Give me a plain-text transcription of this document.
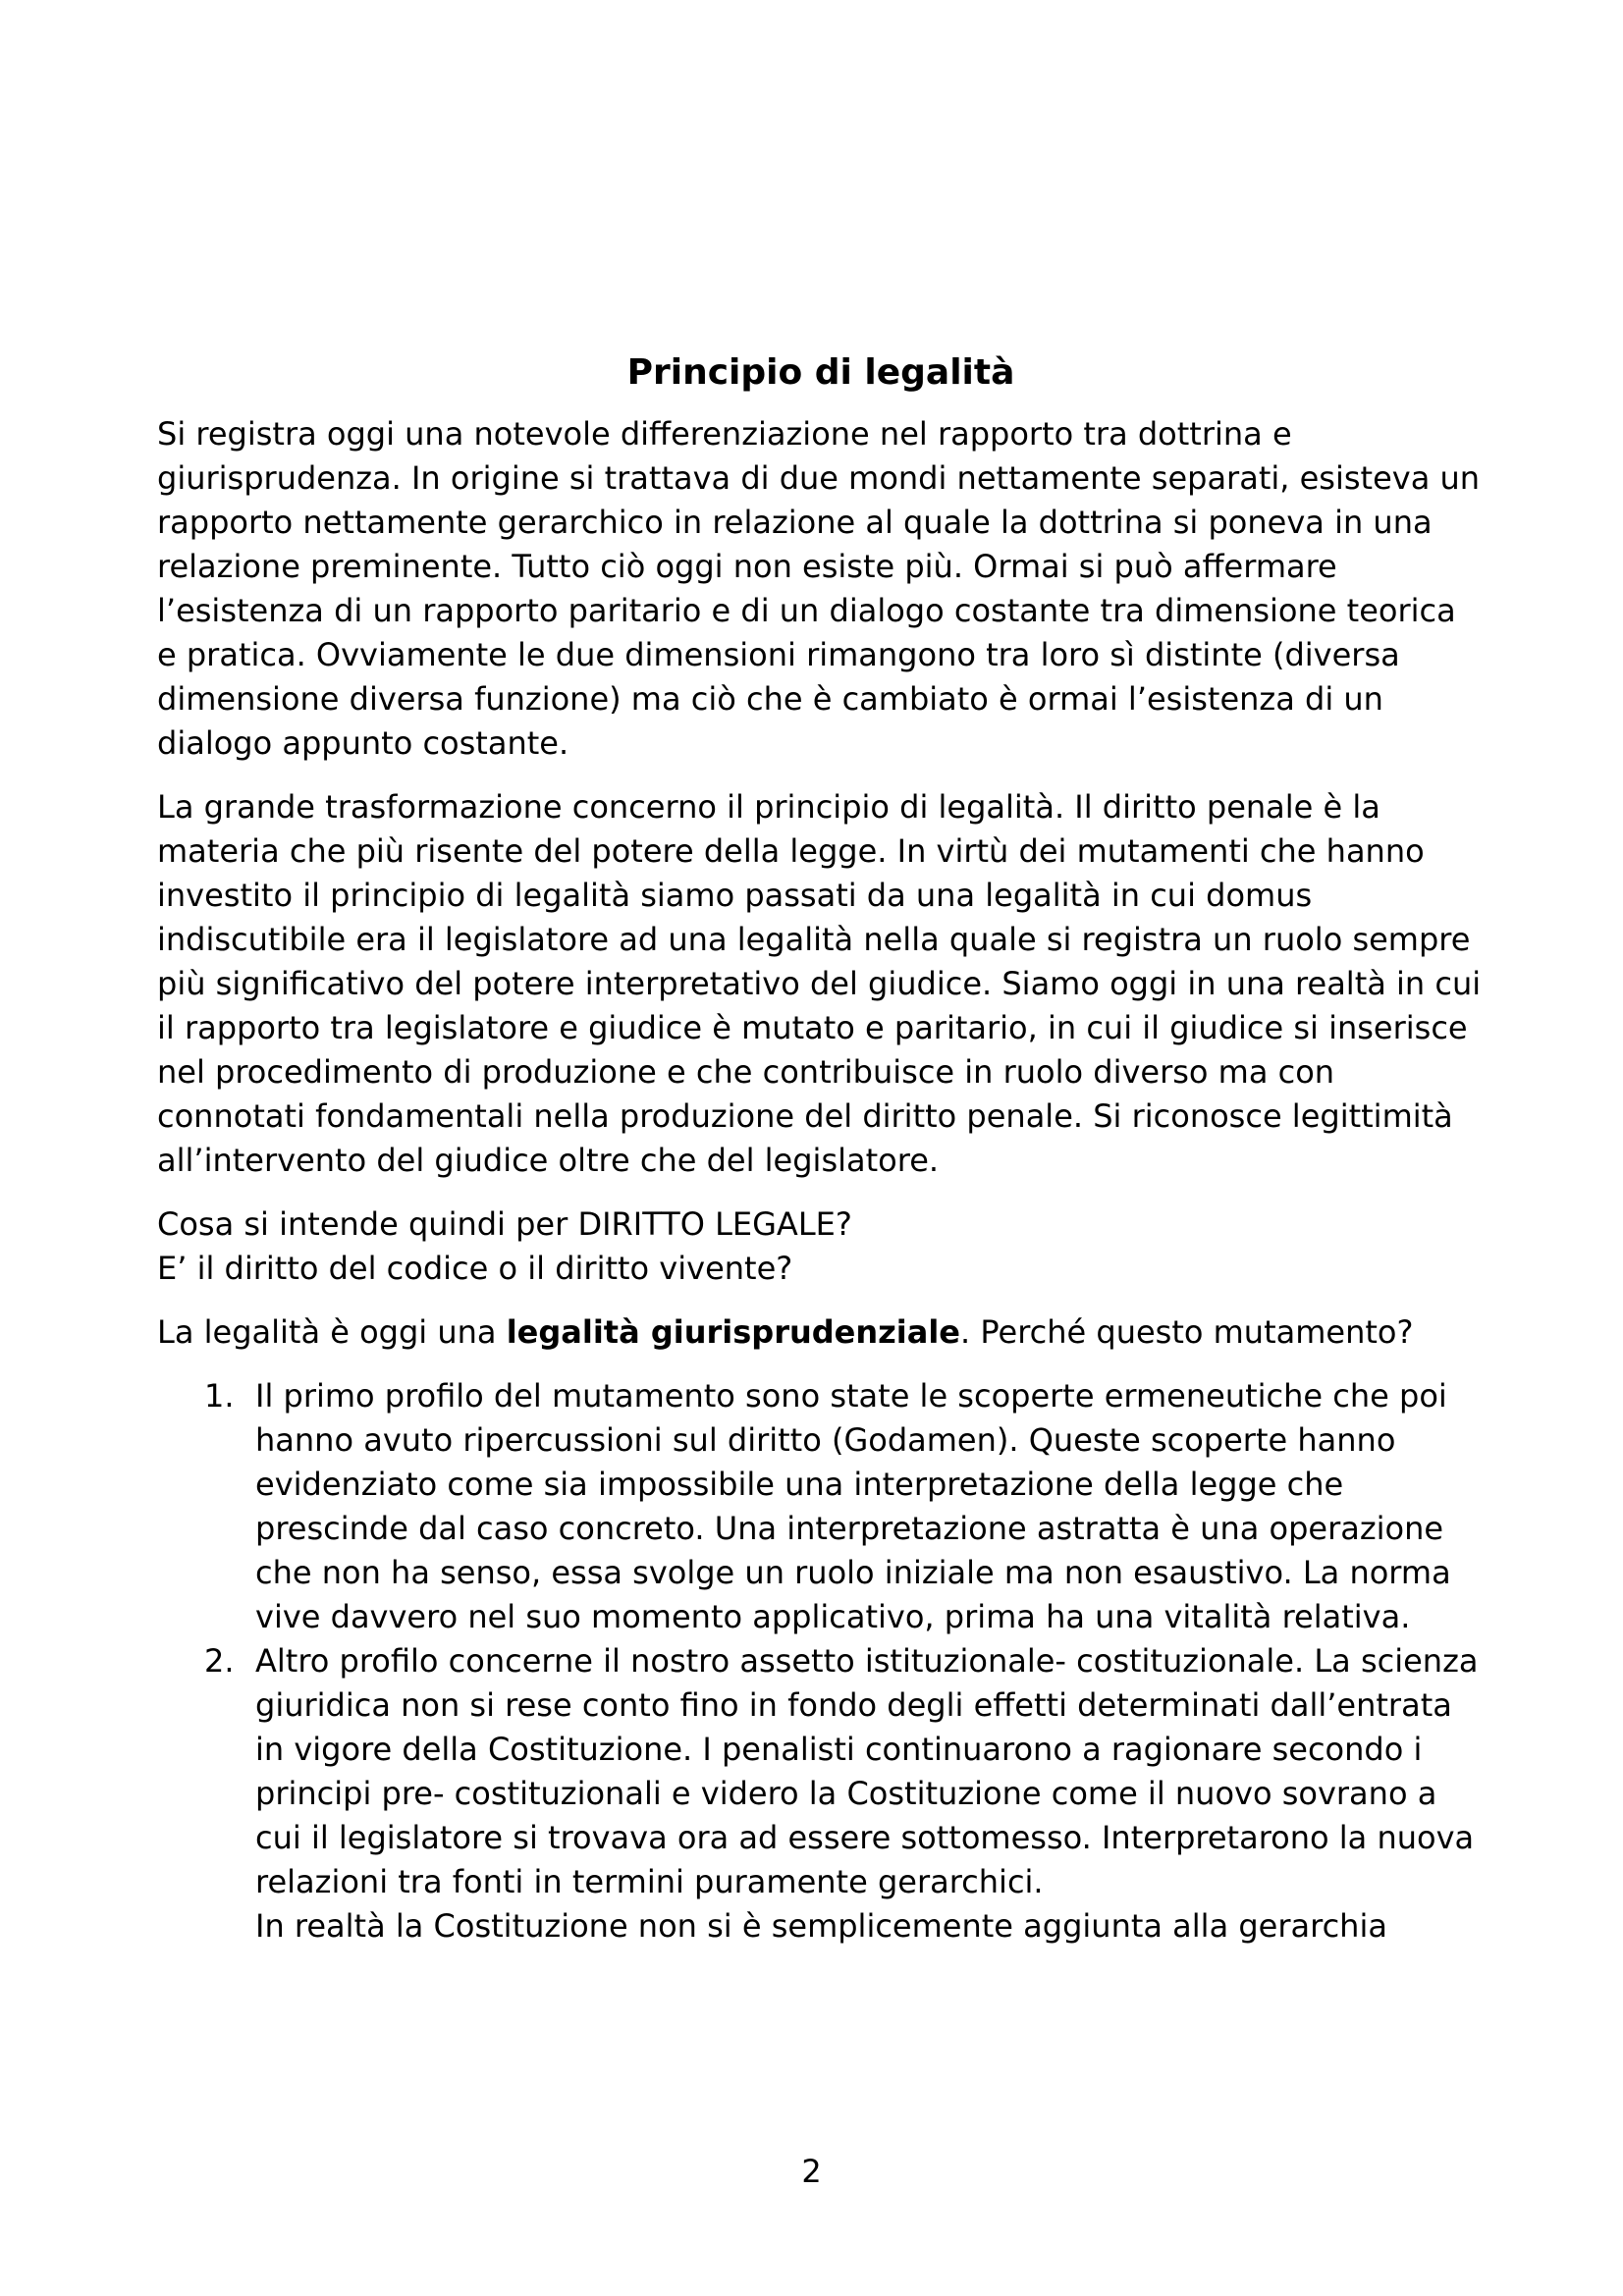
Principio di legalità

Si registra oggi una notevole differenziazione nel rapporto tra dottrina e giurisprudenza. In origine si trattava di due mondi nettamente separati, esisteva un rapporto nettamente gerarchico in relazione al quale la dottrina si poneva in una relazione preminente. Tutto ciò oggi non esiste più. Ormai si può affermare l’esistenza di un rapporto paritario e di un dialogo costante tra dimensione teorica e pratica. Ovviamente le due dimensioni rimangono tra loro sì distinte (diversa dimensione diversa funzione) ma ciò che è cambiato è ormai l’esistenza di un dialogo appunto costante.

La grande trasformazione concerno il principio di legalità. Il diritto penale è la materia che più risente del potere della legge. In virtù dei mutamenti che hanno investito il principio di legalità siamo passati da una legalità in cui domus indiscutibile era il legislatore ad una legalità nella quale si registra un ruolo sempre più significativo del potere interpretativo del giudice. Siamo oggi in una realtà in cui il rapporto tra legislatore e giudice è mutato e paritario, in cui il giudice si inserisce nel procedimento di produzione e che contribuisce in ruolo diverso ma con connotati fondamentali nella produzione del diritto penale. Si riconosce legittimità all’intervento del giudice oltre che del legislatore.

Cosa si intende quindi per DIRITTO LEGALE?

E’ il diritto del codice o il diritto vivente?

La legalità è oggi una legalità giurisprudenziale. Perché questo mutamento?

1. Il primo profilo del mutamento sono state le scoperte ermeneutiche che poi hanno avuto ripercussioni sul diritto (Godamen). Queste scoperte hanno evidenziato come sia impossibile una interpretazione della legge che prescinde dal caso concreto. Una interpretazione astratta è una operazione che non ha senso, essa svolge un ruolo iniziale ma non esaustivo. La norma vive davvero nel suo momento applicativo, prima ha una vitalità relativa.
2. Altro profilo concerne il nostro assetto istituzionale- costituzionale. La scienza giuridica non si rese conto fino in fondo degli effetti determinati dall’entrata in vigore della Costituzione. I penalisti continuarono a ragionare secondo i principi pre- costituzionali e videro la Costituzione come il nuovo sovrano a cui il legislatore si trovava ora ad essere sottomesso. Interpretarono la nuova relazioni tra fonti in termini puramente gerarchici.
In realtà la Costituzione non si è semplicemente aggiunta alla gerarchia
2
